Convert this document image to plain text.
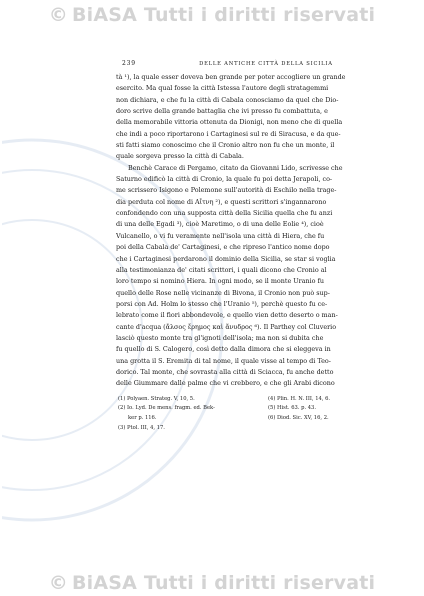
© BiASA Tutti i diritti riservati
239	DELLE ANTICHE CITTÀ DELLA SICILIA
tà ¹), la quale esser doveva ben grande per poter accogliere un grande
esercito. Ma qual fosse la città Istessa l'autore degli stratagemmi
non dichiara, e che fu la città di Cabala conosciamo da quel che Dio-
doro scrive della grande battaglia che ivi presso fu combattuta, e
della memorabile vittoria ottenuta da Dionigi, non meno che di quella
che indi a poco riportarono i Cartaginesi sul re di Siracusa, e da que-
sti fatti siamo conoscimo che il Cronio altro non fu che un monte, il
quale sorgeva presso la città di Cabala.
Benchè Carace di Pergamo, citato da Giovanni Lido, scrivesse che
Saturno edificò la città di Cronio, la quale fu poi detta Jerapoli, co-
me scrissero Isigono e Polemone sull'autorità di Eschilo nella trage-
dia perduta col nome di Αἴτνη ²), e questi scrittori s'ingannarono
confondendo con una supposta città della Sicilia quella che fu anzi
di una delle Egadi ³), cioè Maretimo, o di una delle Eolie ⁴), cioè
Vulcanello, o vi fu veramente nell'isola una città di Hiera, che fu
poi della Cabala de' Cartaginesi, e che ripreso l'antico nome dopo
che i Cartaginesi perdarono il dominio della Sicilia, se star si voglia
alla testimonianza de' citati scrittori, i quali dicono che Cronio al
loro tempo si nomino Hiera. In ogni modo, se il monte Uranio fu
quello delle Rose nelle vicinanze di Bivona, il Cronio non può sup-
porsi con Ad. Holm lo stesso che l'Uranio ⁵), perchè questo fu ce-
lebrato come il fiori abbondevole, e quello vien detto deserto o man-
cante d'acqua (ἄλσος ἔρημος καὶ ἄνυδρος ⁶). Il Parthey col Cluverio
lasciò questo monte tra gl'ignoti dell'isola; ma non si dubita che
fu quello di S. Calogero, così detto dalla dimora che si eleggeva in
una grotta il S. Eremita di tal nome, il quale visse al tempo di Teo-
dorico. Tal monte, che sovrasta alla città di Sciacca, fu anche detto
delle Giummare dalle palme che vi crebbero, e che gli Arabi dicono
(1) Polyaen. Strateg. V, 10, 5.	(4) Plin. H. N. III, 14, 6.
(2) Io. Lyd. De mens. fragm. ed. Bek-	(5) Hist. 63. p. 43.
ker p. 116.	(6) Diod. Sic. XV, 16, 2.
(3) Ptol. III, 4, 17.
© BiASA Tutti i diritti riservati
